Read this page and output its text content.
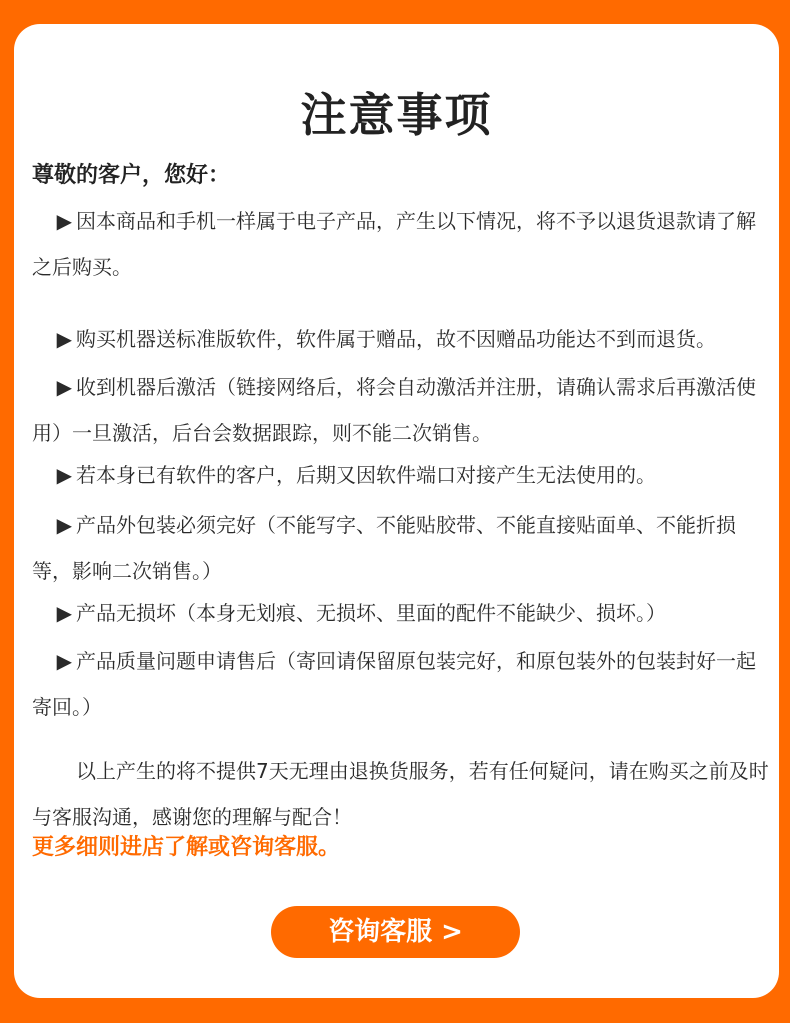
注意事项

尊敬的客户，您好：

▶ 因本商品和手机一样属于电子产品，产生以下情况，将不予以退货退款请了解之后购买。

▶ 购买机器送标准版软件，软件属于赠品，故不因赠品功能达不到而退货。

▶ 收到机器后激活（链接网络后，将会自动激活并注册，请确认需求后再激活使用）一旦激活，后台会数据跟踪，则不能二次销售。

▶ 若本身已有软件的客户，后期又因软件端口对接产生无法使用的。

▶ 产品外包装必须完好（不能写字、不能贴胶带、不能直接贴面单、不能折损等，影响二次销售。）

▶ 产品无损坏（本身无划痕、无损坏、里面的配件不能缺少、损坏。）

▶ 产品质量问题申请售后（寄回请保留原包装完好，和原包装外的包装封好一起寄回。）

以上产生的将不提供7天无理由退换货服务，若有任何疑问，请在购买之前及时与客服沟通，感谢您的理解与配合！

更多细则进店了解或咨询客服。

咨询客服 >
